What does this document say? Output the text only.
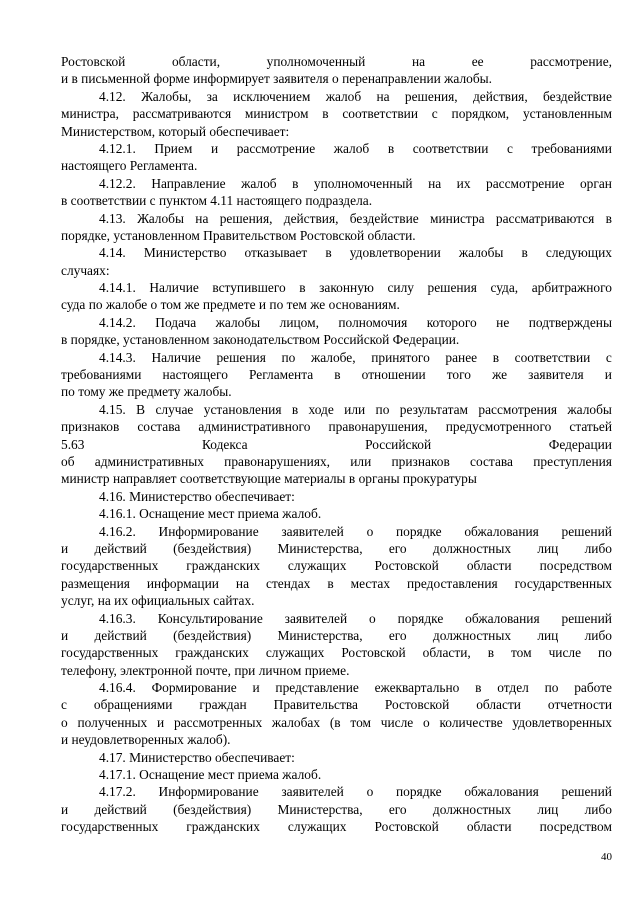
Ростовской	области,	уполномоченный	на	ее	рассмотрение,
и в письменной форме информирует заявителя о перенаправлении жалобы.
4.12. Жалобы, за исключением жалоб на решения, действия, бездействие
министра, рассматриваются министром в соответствии с порядком, установленным
Министерством, который обеспечивает:
4.12.1. Прием и рассмотрение жалоб в соответствии с требованиями
настоящего Регламента.
4.12.2. Направление жалоб в уполномоченный на их рассмотрение орган
в соответствии с пунктом 4.11 настоящего подраздела.
4.13. Жалобы на решения, действия, бездействие министра рассматриваются в
порядке, установленном Правительством Ростовской области.
4.14. Министерство отказывает в удовлетворении жалобы в следующих
случаях:
4.14.1. Наличие вступившего в законную силу решения суда, арбитражного
суда по жалобе о том же предмете и по тем же основаниям.
4.14.2. Подача жалобы лицом, полномочия которого не подтверждены
в порядке, установленном законодательством Российской Федерации.
4.14.3. Наличие решения по жалобе, принятого ранее в соответствии с
требованиями настоящего Регламента в отношении того же заявителя и
по тому же предмету жалобы.
4.15. В случае установления в ходе или по результатам рассмотрения жалобы
признаков состава административного правонарушения, предусмотренного статьей
5.63	Кодекса	Российской	Федерации
об административных правонарушениях, или признаков состава преступления
министр направляет соответствующие материалы в органы прокуратуры
4.16. Министерство обеспечивает:
4.16.1. Оснащение мест приема жалоб.
4.16.2. Информирование заявителей о порядке обжалования решений
и действий (бездействия) Министерства, его должностных лиц либо
государственных гражданских служащих Ростовской области посредством
размещения информации на стендах в местах предоставления государственных
услуг, на их официальных сайтах.
4.16.3. Консультирование заявителей о порядке обжалования решений
и действий (бездействия) Министерства, его должностных лиц либо
государственных гражданских служащих Ростовской области, в том числе по
телефону, электронной почте, при личном приеме.
4.16.4. Формирование и представление ежеквартально в отдел по работе
с обращениями граждан Правительства Ростовской области отчетности
о полученных и рассмотренных жалобах (в том числе о количестве удовлетворенных
и неудовлетворенных жалоб).
4.17. Министерство обеспечивает:
4.17.1. Оснащение мест приема жалоб.
4.17.2. Информирование заявителей о порядке обжалования решений
и действий (бездействия) Министерства, его должностных лиц либо
государственных гражданских служащих Ростовской области посредством
40
